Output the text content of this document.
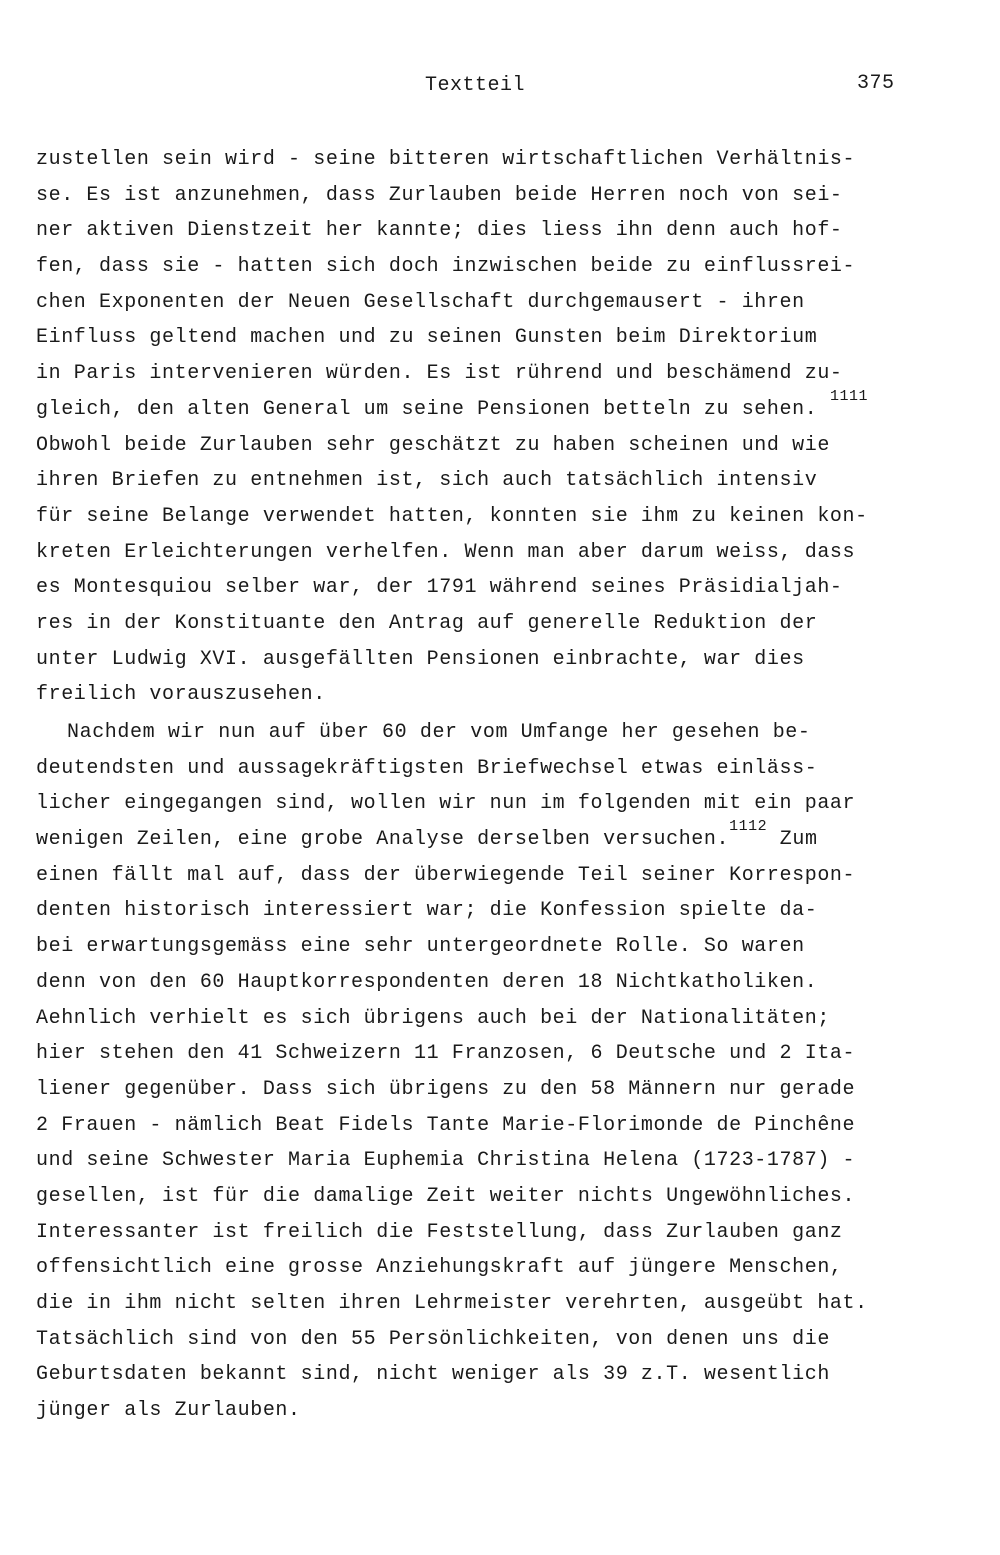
Textteil	375
zustellen sein wird - seine bitteren wirtschaftlichen Verhältnis-
se. Es ist anzunehmen, dass Zurlauben beide Herren noch von sei-
ner aktiven Dienstzeit her kannte; dies liess ihn denn auch hof-
fen, dass sie - hatten sich doch inzwischen beide zu einflussrei-
chen Exponenten der Neuen Gesellschaft durchgemausert - ihren
Einfluss geltend machen und zu seinen Gunsten beim Direktorium
in Paris intervenieren würden. Es ist rührend und beschämend zu-
gleich, den alten General um seine Pensionen betteln zu sehen. $^{1111}$
Obwohl beide Zurlauben sehr geschätzt zu haben scheinen und wie
ihren Briefen zu entnehmen ist, sich auch tatsächlich intensiv
für seine Belange verwendet hatten, konnten sie ihm zu keinen kon-
kreten Erleichterungen verhelfen. Wenn man aber darum weiss, dass
es Montesquiou selber war, der 1791 während seines Präsidialjah-
res in der Konstituante den Antrag auf generelle Reduktion der
unter Ludwig XVI. ausgefällten Pensionen einbrachte, war dies
freilich vorauszusehen.
Nachdem wir nun auf über 60 der vom Umfange her gesehen be-
deutendsten und aussagekräftigsten Briefwechsel etwas einläss-
licher eingegangen sind, wollen wir nun im folgenden mit ein paar
wenigen Zeilen, eine grobe Analyse derselben versuchen.$^{1112}$ Zum
einen fällt mal auf, dass der überwiegende Teil seiner Korrespon-
denten historisch interessiert war; die Konfession spielte da-
bei erwartungsgemäss eine sehr untergeordnete Rolle. So waren
denn von den 60 Hauptkorrespondenten deren 18 Nichtkatholiken.
Aehnlich verhielt es sich übrigens auch bei der Nationalitäten;
hier stehen den 41 Schweizern 11 Franzosen, 6 Deutsche und 2 Ita-
liener gegenüber. Dass sich übrigens zu den 58 Männern nur gerade
2 Frauen - nämlich Beat Fidels Tante Marie-Florimonde de Pinchêne
und seine Schwester Maria Euphemia Christina Helena (1723-1787) -
gesellen, ist für die damalige Zeit weiter nichts Ungewöhnliches.
Interessanter ist freilich die Feststellung, dass Zurlauben ganz
offensichtlich eine grosse Anziehungskraft auf jüngere Menschen,
die in ihm nicht selten ihren Lehrmeister verehrten, ausgeübt hat.
Tatsächlich sind von den 55 Persönlichkeiten, von denen uns die
Geburtsdaten bekannt sind, nicht weniger als 39 z.T. wesentlich
jünger als Zurlauben.
